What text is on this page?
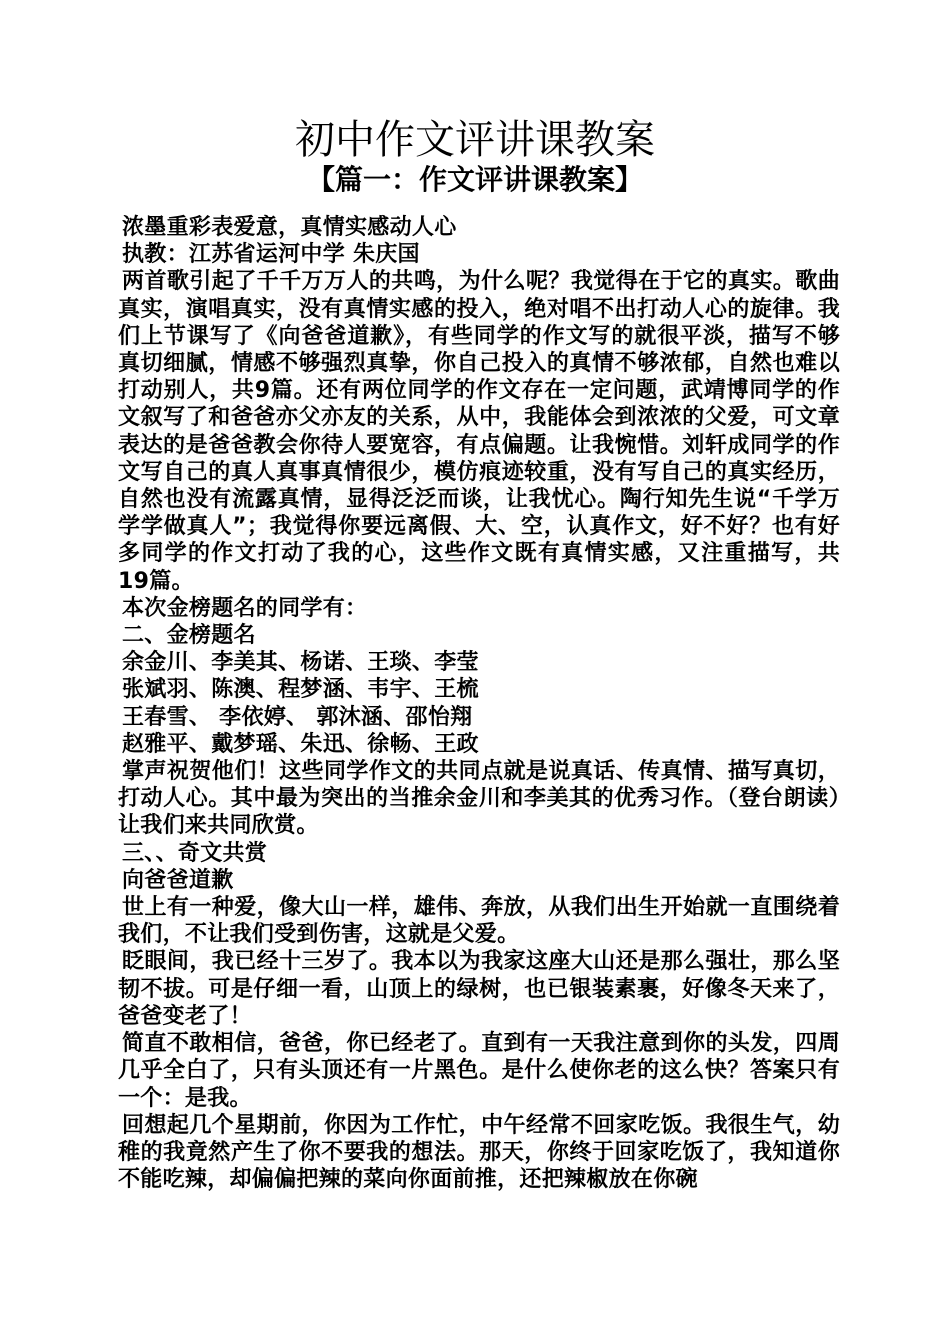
初中作文评讲课教案
【篇一：作文评讲课教案】

浓墨重彩表爱意，真情实感动人心

执教：江苏省运河中学 朱庆国

两首歌引起了千千万万人的共鸣，为什么呢？我觉得在于它的真实。歌曲真实，演唱真实，没有真情实感的投入，绝对唱不出打动人心的旋律。我们上节课写了《向爸爸道歉》，有些同学的作文写的就很平淡，描写不够真切细腻，情感不够强烈真挚，你自己投入的真情不够浓郁，自然也难以打动别人，共9篇。还有两位同学的作文存在一定问题，武靖博同学的作文叙写了和爸爸亦父亦友的关系，从中，我能体会到浓浓的父爱，可文章表达的是爸爸教会你待人要宽容，有点偏题。让我惋惜。刘轩成同学的作文写自己的真人真事真情很少，模仿痕迹较重，没有写自己的真实经历，自然也没有流露真情，显得泛泛而谈，让我忧心。陶行知先生说“千学万学学做真人”；我觉得你要远离假、大、空，认真作文，好不好？也有好多同学的作文打动了我的心，这些作文既有真情实感，又注重描写，共19篇。

本次金榜题名的同学有：

二、金榜题名

余金川、李美其、杨诺、王琰、李莹

张斌羽、陈澳、程梦涵、韦宇、王梳

王春雪、 李依婷、 郭沐涵、邵怡翔

赵雅平、戴梦瑶、朱迅、徐畅、王政

掌声祝贺他们！这些同学作文的共同点就是说真话、传真情、描写真切，打动人心。其中最为突出的当推余金川和李美其的优秀习作。（登台朗读）让我们来共同欣赏。

三、、奇文共赏

向爸爸道歉

世上有一种爱，像大山一样，雄伟、奔放，从我们出生开始就一直围绕着我们，不让我们受到伤害，这就是父爱。

眨眼间，我已经十三岁了。我本以为我家这座大山还是那么强壮，那么坚韧不拔。可是仔细一看，山顶上的绿树，也已银装素裹，好像冬天来了，爸爸变老了！

简直不敢相信，爸爸，你已经老了。直到有一天我注意到你的头发，四周几乎全白了，只有头顶还有一片黑色。是什么使你老的这么快？答案只有一个：是我。

回想起几个星期前，你因为工作忙，中午经常不回家吃饭。我很生气，幼稚的我竟然产生了你不要我的想法。那天，你终于回家吃饭了，我知道你不能吃辣，却偏偏把辣的菜向你面前推，还把辣椒放在你碗
